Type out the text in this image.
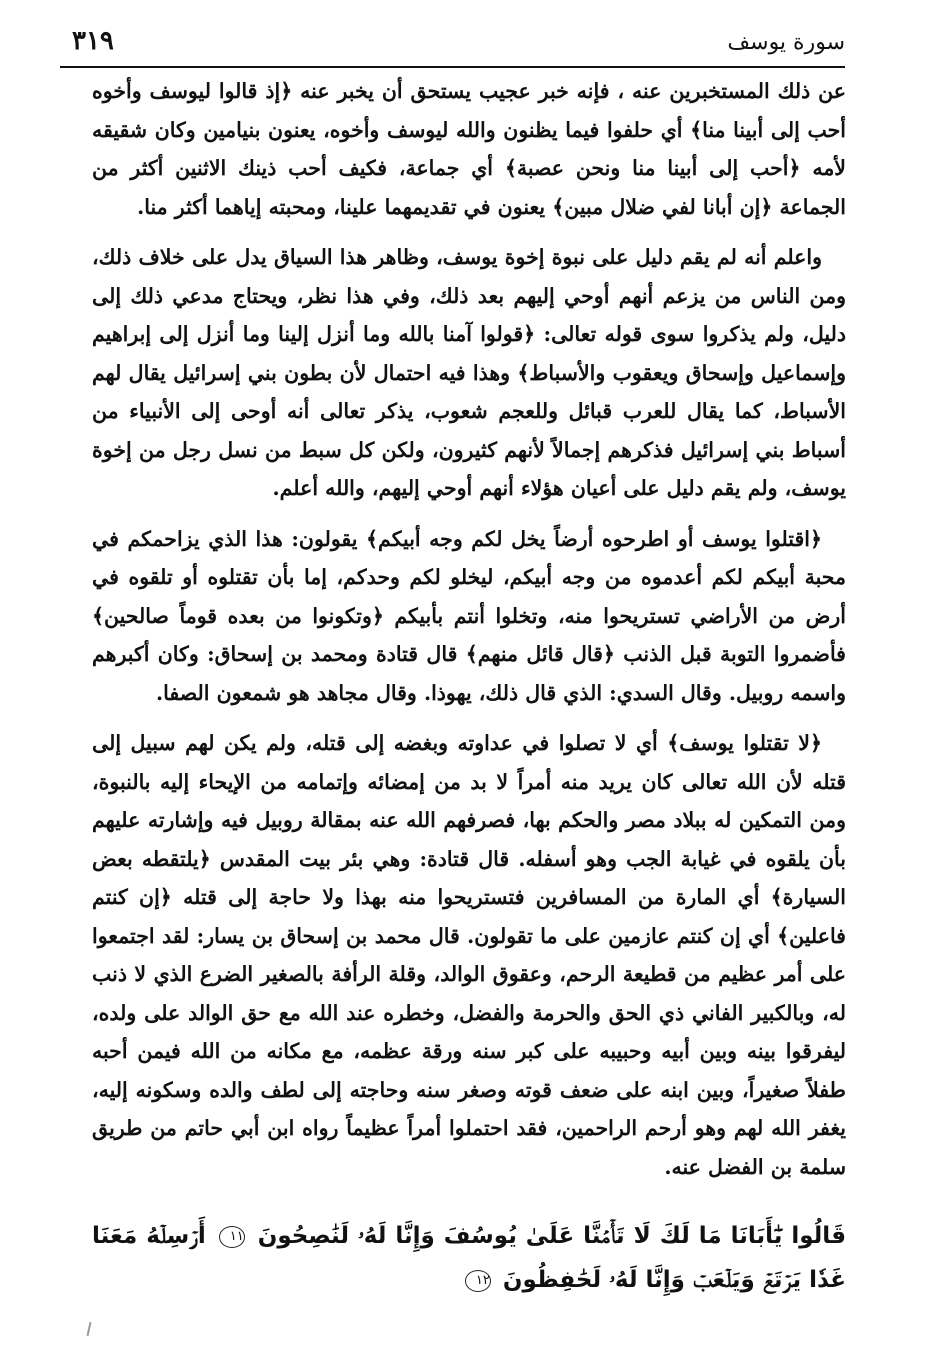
سورة يوسف
٣١٩

عن ذلك المستخبرين عنه ، فإنه خبر عجيب يستحق أن يخبر عنه ﴿إذ قالوا ليوسف وأخوه أحب إلى أبينا منا﴾ أي حلفوا فيما يظنون والله ليوسف وأخوه، يعنون بنيامين وكان شقيقه لأمه ﴿أحب إلى أبينا منا ونحن عصبة﴾ أي جماعة، فكيف أحب ذينك الاثنين أكثر من الجماعة ﴿إن أبانا لفي ضلال مبين﴾ يعنون في تقديمهما علينا، ومحبته إياهما أكثر منا.

واعلم أنه لم يقم دليل على نبوة إخوة يوسف، وظاهر هذا السياق يدل على خلاف ذلك، ومن الناس من يزعم أنهم أوحي إليهم بعد ذلك، وفي هذا نظر، ويحتاج مدعي ذلك إلى دليل، ولم يذكروا سوى قوله تعالى: ﴿قولوا آمنا بالله وما أنزل إلينا وما أنزل إلى إبراهيم وإسماعيل وإسحاق ويعقوب والأسباط﴾ وهذا فيه احتمال لأن بطون بني إسرائيل يقال لهم الأسباط، كما يقال للعرب قبائل وللعجم شعوب، يذكر تعالى أنه أوحى إلى الأنبياء من أسباط بني إسرائيل فذكرهم إجمالاً لأنهم كثيرون، ولكن كل سبط من نسل رجل من إخوة يوسف، ولم يقم دليل على أعيان هؤلاء أنهم أوحي إليهم، والله أعلم.

﴿اقتلوا يوسف أو اطرحوه أرضاً يخل لكم وجه أبيكم﴾ يقولون: هذا الذي يزاحمكم في محبة أبيكم لكم أعدموه من وجه أبيكم، ليخلو لكم وحدكم، إما بأن تقتلوه أو تلقوه في أرض من الأراضي تستريحوا منه، وتخلوا أنتم بأبيكم ﴿وتكونوا من بعده قوماً صالحين﴾ فأضمروا التوبة قبل الذنب ﴿قال قائل منهم﴾ قال قتادة ومحمد بن إسحاق: وكان أكبرهم واسمه روبيل. وقال السدي: الذي قال ذلك، يهوذا. وقال مجاهد هو شمعون الصفا.

﴿لا تقتلوا يوسف﴾ أي لا تصلوا في عداوته وبغضه إلى قتله، ولم يكن لهم سبيل إلى قتله لأن الله تعالى كان يريد منه أمراً لا بد من إمضائه وإتمامه من الإيحاء إليه بالنبوة، ومن التمكين له ببلاد مصر والحكم بها، فصرفهم الله عنه بمقالة روبيل فيه وإشارته عليهم بأن يلقوه في غيابة الجب وهو أسفله. قال قتادة: وهي بئر بيت المقدس ﴿يلتقطه بعض السيارة﴾ أي المارة من المسافرين فتستريحوا منه بهذا ولا حاجة إلى قتله ﴿إن كنتم فاعلين﴾ أي إن كنتم عازمين على ما تقولون. قال محمد بن إسحاق بن يسار: لقد اجتمعوا على أمر عظيم من قطيعة الرحم، وعقوق الوالد، وقلة الرأفة بالصغير الضرع الذي لا ذنب له، وبالكبير الفاني ذي الحق والحرمة والفضل، وخطره عند الله مع حق الوالد على ولده، ليفرقوا بينه وبين أبيه وحبيبه على كبر سنه ورقة عظمه، مع مكانه من الله فيمن أحبه طفلاً صغيراً، وبين ابنه على ضعف قوته وصغر سنه وحاجته إلى لطف والده وسكونه إليه، يغفر الله لهم وهو أرحم الراحمين، فقد احتملوا أمراً عظيماً رواه ابن أبي حاتم من طريق سلمة بن الفضل عنه.

قَالُوا يَٰٓأَبَانَا مَا لَكَ لَا تَأۡمَ۬نَّا عَلَىٰ يُوسُفَ وَإِنَّا لَهُۥ لَنَٰصِحُونَ ١١ أَرۡسِلۡهُ مَعَنَا غَدٗا يَرۡتَعۡ وَيَلۡعَبۡ وَإِنَّا لَهُۥ لَحَٰفِظُونَ ١٢
